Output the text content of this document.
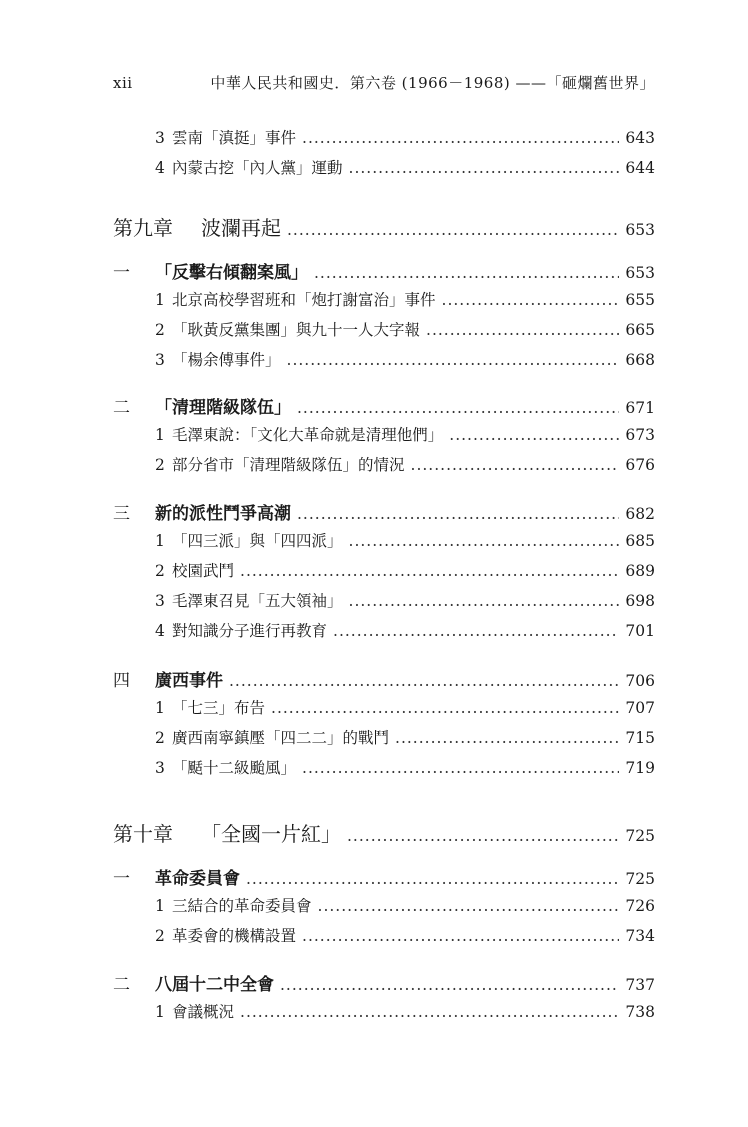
xii	中華人民共和國史．第六卷 (1966－1968) ——「砸爛舊世界」
3 雲南「滇挺」事件 .....	643
4 內蒙古挖「內人黨」運動 .....	644
第九章	波瀾再起 .....	653
一	「反擊右傾翻案風」 .....	653
1 北京高校學習班和「炮打謝富治」事件 .....	655
2 「耿黃反黨集團」與九十一人大字報 .....	665
3 「楊余傅事件」 .....	668
二	「清理階級隊伍」 .....	671
1 毛澤東說：「文化大革命就是清理他們」 .....	673
2 部分省市「清理階級隊伍」的情況 .....	676
三	新的派性鬥爭高潮 .....	682
1 「四三派」與「四四派」 .....	685
2 校園武鬥 .....	689
3 毛澤東召見「五大領袖」 .....	698
4 對知識分子進行再教育 .....	701
四	廣西事件 .....	706
1 「七三」布告 .....	707
2 廣西南寧鎮壓「四二二」的戰鬥 .....	715
3 「颳十二級颱風」 .....	719
第十章	「全國一片紅」 .....	725
一	革命委員會 .....	725
1 三結合的革命委員會 .....	726
2 革委會的機構設置 .....	734
二	八屆十二中全會 .....	737
1 會議概況 .....	738
